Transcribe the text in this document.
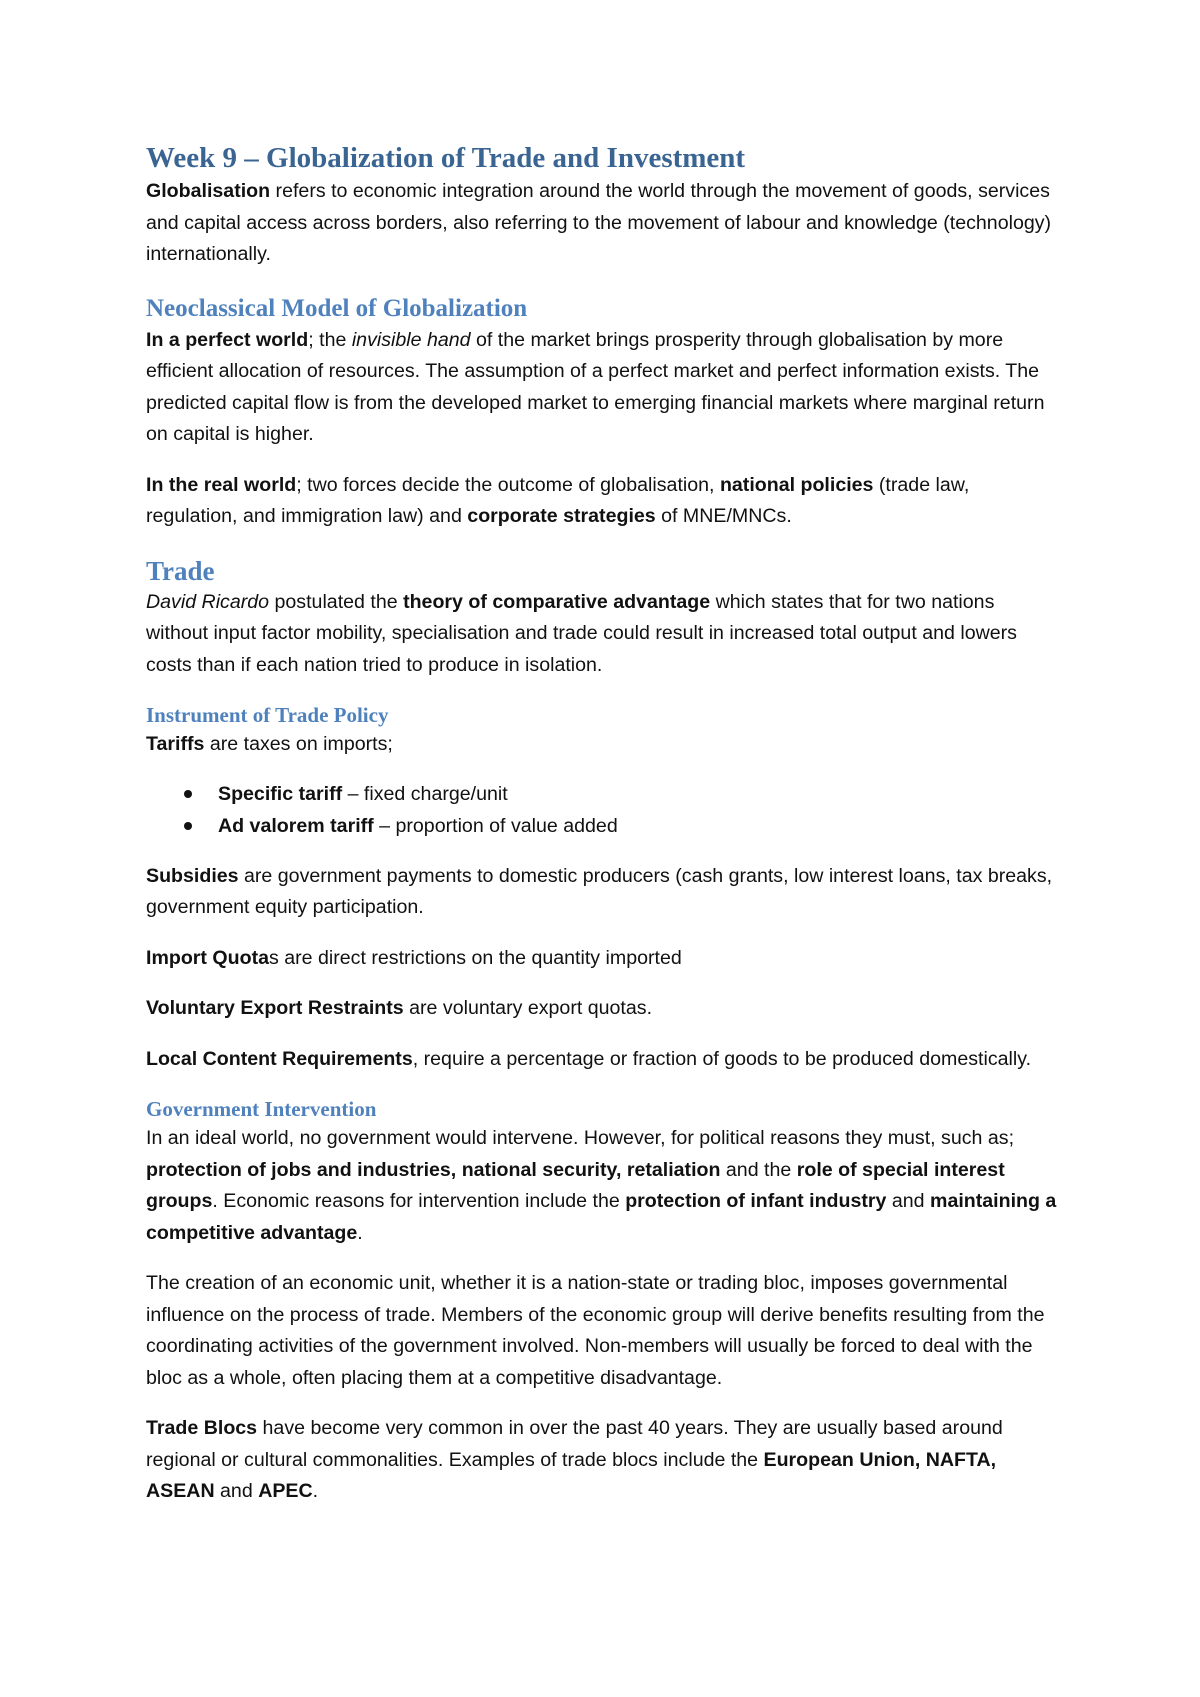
Week 9 – Globalization of Trade and Investment

Globalisation refers to economic integration around the world through the movement of goods, services and capital access across borders, also referring to the movement of labour and knowledge (technology) internationally.

Neoclassical Model of Globalization

In a perfect world; the invisible hand of the market brings prosperity through globalisation by more efficient allocation of resources. The assumption of a perfect market and perfect information exists. The predicted capital flow is from the developed market to emerging financial markets where marginal return on capital is higher.

In the real world; two forces decide the outcome of globalisation, national policies (trade law, regulation, and immigration law) and corporate strategies of MNE/MNCs.

Trade

David Ricardo postulated the theory of comparative advantage which states that for two nations without input factor mobility, specialisation and trade could result in increased total output and lowers costs than if each nation tried to produce in isolation.

Instrument of Trade Policy

Tariffs are taxes on imports;

Specific tariff – fixed charge/unit
Ad valorem tariff – proportion of value added

Subsidies are government payments to domestic producers (cash grants, low interest loans, tax breaks, government equity participation.

Import Quotas are direct restrictions on the quantity imported

Voluntary Export Restraints are voluntary export quotas.

Local Content Requirements, require a percentage or fraction of goods to be produced domestically.

Government Intervention

In an ideal world, no government would intervene. However, for political reasons they must, such as; protection of jobs and industries, national security, retaliation and the role of special interest groups. Economic reasons for intervention include the protection of infant industry and maintaining a competitive advantage.

The creation of an economic unit, whether it is a nation-state or trading bloc, imposes governmental influence on the process of trade. Members of the economic group will derive benefits resulting from the coordinating activities of the government involved. Non-members will usually be forced to deal with the bloc as a whole, often placing them at a competitive disadvantage.

Trade Blocs have become very common in over the past 40 years. They are usually based around regional or cultural commonalities. Examples of trade blocs include the European Union, NAFTA, ASEAN and APEC.
